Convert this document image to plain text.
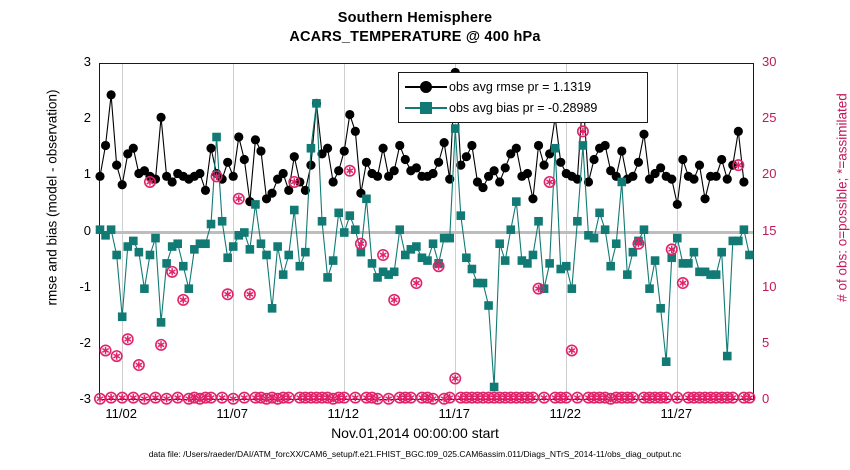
Southern Hemisphere
ACARS_TEMPERATURE @ 400 hPa
3
2
1
0
-1
-2
-3
30
25
20
15
10
5
0
11/02	11/07	11/12	11/17	11/22	11/27
rmse and bias (model - observation)	# of obs: o=possible; *=assimilated
Nov.01,2014 00:00:00 start
data file: /Users/raeder/DAI/ATM_forcXX/CAM6_setup/f.e21.FHIST_BGC.f09_025.CAM6assim.011/Diags_NTrS_2014-11/obs_diag_output.nc
obs avg rmse pr = 1.1319
obs avg bias pr = -0.28989
